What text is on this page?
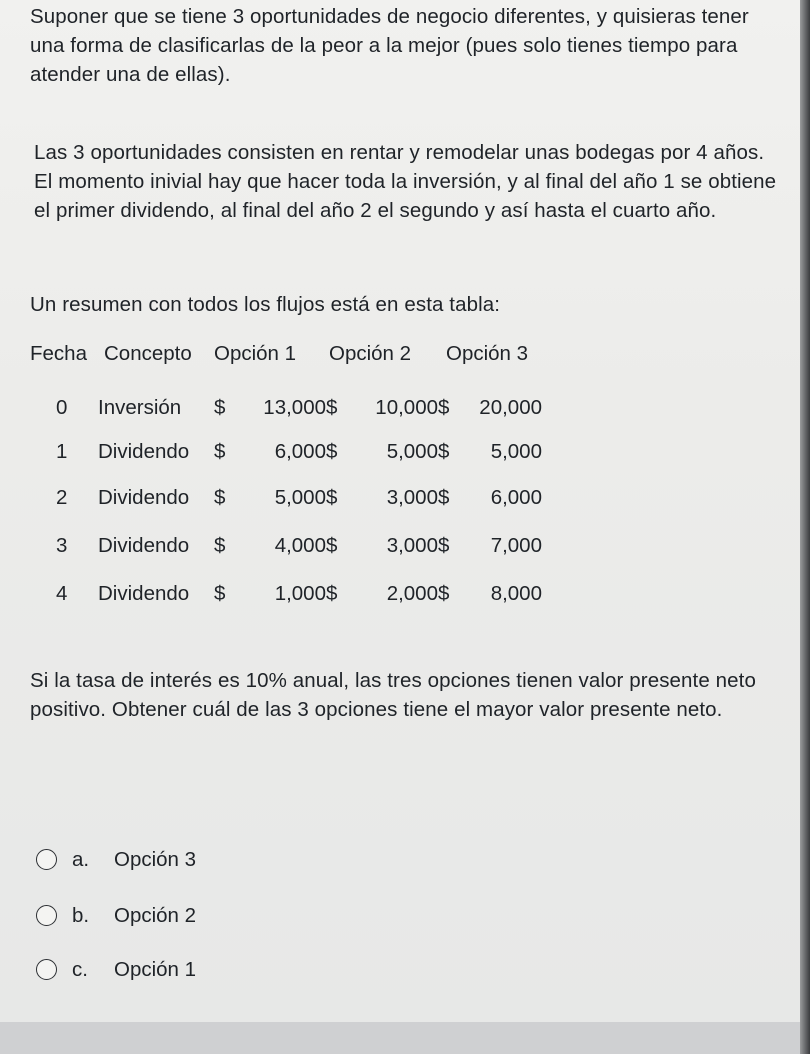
Suponer que se tiene 3 oportunidades de negocio diferentes, y quisieras tener una forma de clasificarlas de la peor a la mejor (pues solo tienes tiempo para atender una de ellas).

Las 3 oportunidades consisten en rentar y remodelar unas bodegas por 4 años. El momento inivial hay que hacer toda la inversión, y al final del año 1 se obtiene el primer dividendo, al final del año 2 el segundo y así hasta el cuarto año.

Un resumen con todos los flujos está en esta tabla:

Fecha Concepto Opción 1 Opción 2 Opción 3
0 Inversión $ 13,000 $ 10,000 $ 20,000
1 Dividendo $ 6,000 $ 5,000 $ 5,000
2 Dividendo $ 5,000 $ 3,000 $ 6,000
3 Dividendo $ 4,000 $ 3,000 $ 7,000
4 Dividendo $ 1,000 $ 2,000 $ 8,000

Si la tasa de interés es 10% anual, las tres opciones tienen valor presente neto positivo. Obtener cuál de las 3 opciones tiene el mayor valor presente neto.

a. Opción 3
b. Opción 2
c. Opción 1
